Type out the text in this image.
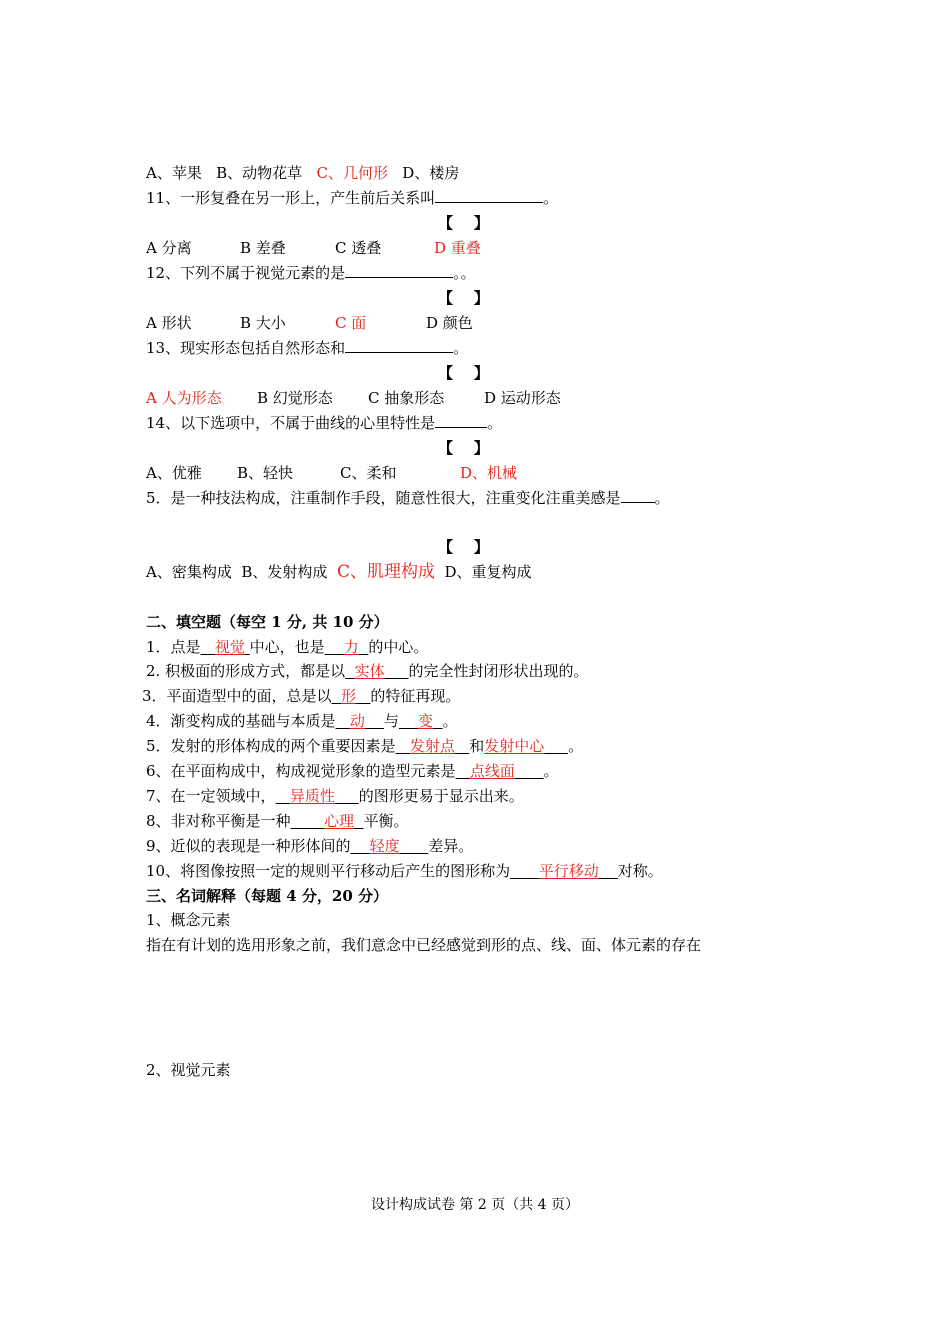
A、苹果 B、动物花草 C、几何形 D、楼房
11、一形复叠在另一形上，产生前后关系叫	。
【    】
A 分离	B 差叠	C 透叠	D 重叠
12、下列不属于视觉元素的是	。。
【    】
A 形状	B 大小	C 面	D 颜色
13、现实形态包括自然形态和	。
【    】
A 人为形态 B 幻觉形态 C 抽象形态	D 运动形态
14、以下选项中，不属于曲线的心里特性是	。
【    】
A、优雅 B、轻快	C、柔和	D、机械
5．是一种技法构成，注重制作手段，随意性很大，注重变化注重美感是 。
【    】
A、密集构成 B、发射构成 C、肌理构成 D、重复构成
二、填空题（每空 1 分, 共 10 分）
1．点是 视觉 中心，也是 力 的中心。
2. 积极面的形成方式，都是以 实体 的完全性封闭形状出现的。
3．平面造型中的面，总是以 形 的特征再现。
4．渐变构成的基础与本质是 动 与 变 。
5．发射的形体构成的两个重要因素是 发射点 和发射中心 。
6、在平面构成中，构成视觉形象的造型元素是 点线面 。
7、在一定领域中， 异质性 的图形更易于显示出来。
8、非对称平衡是一种 心理 平衡。
9、近似的表现是一种形体间的 轻度 差异。
10、将图像按照一定的规则平行移动后产生的图形称为 平行移动 对称。
三、名词解释（每题 4 分，20 分）
1、概念元素
指在有计划的选用形象之前，我们意念中已经感觉到形的点、线、面、体元素的存在
2、视觉元素
设计构成试卷 第 2 页（共 4 页）
